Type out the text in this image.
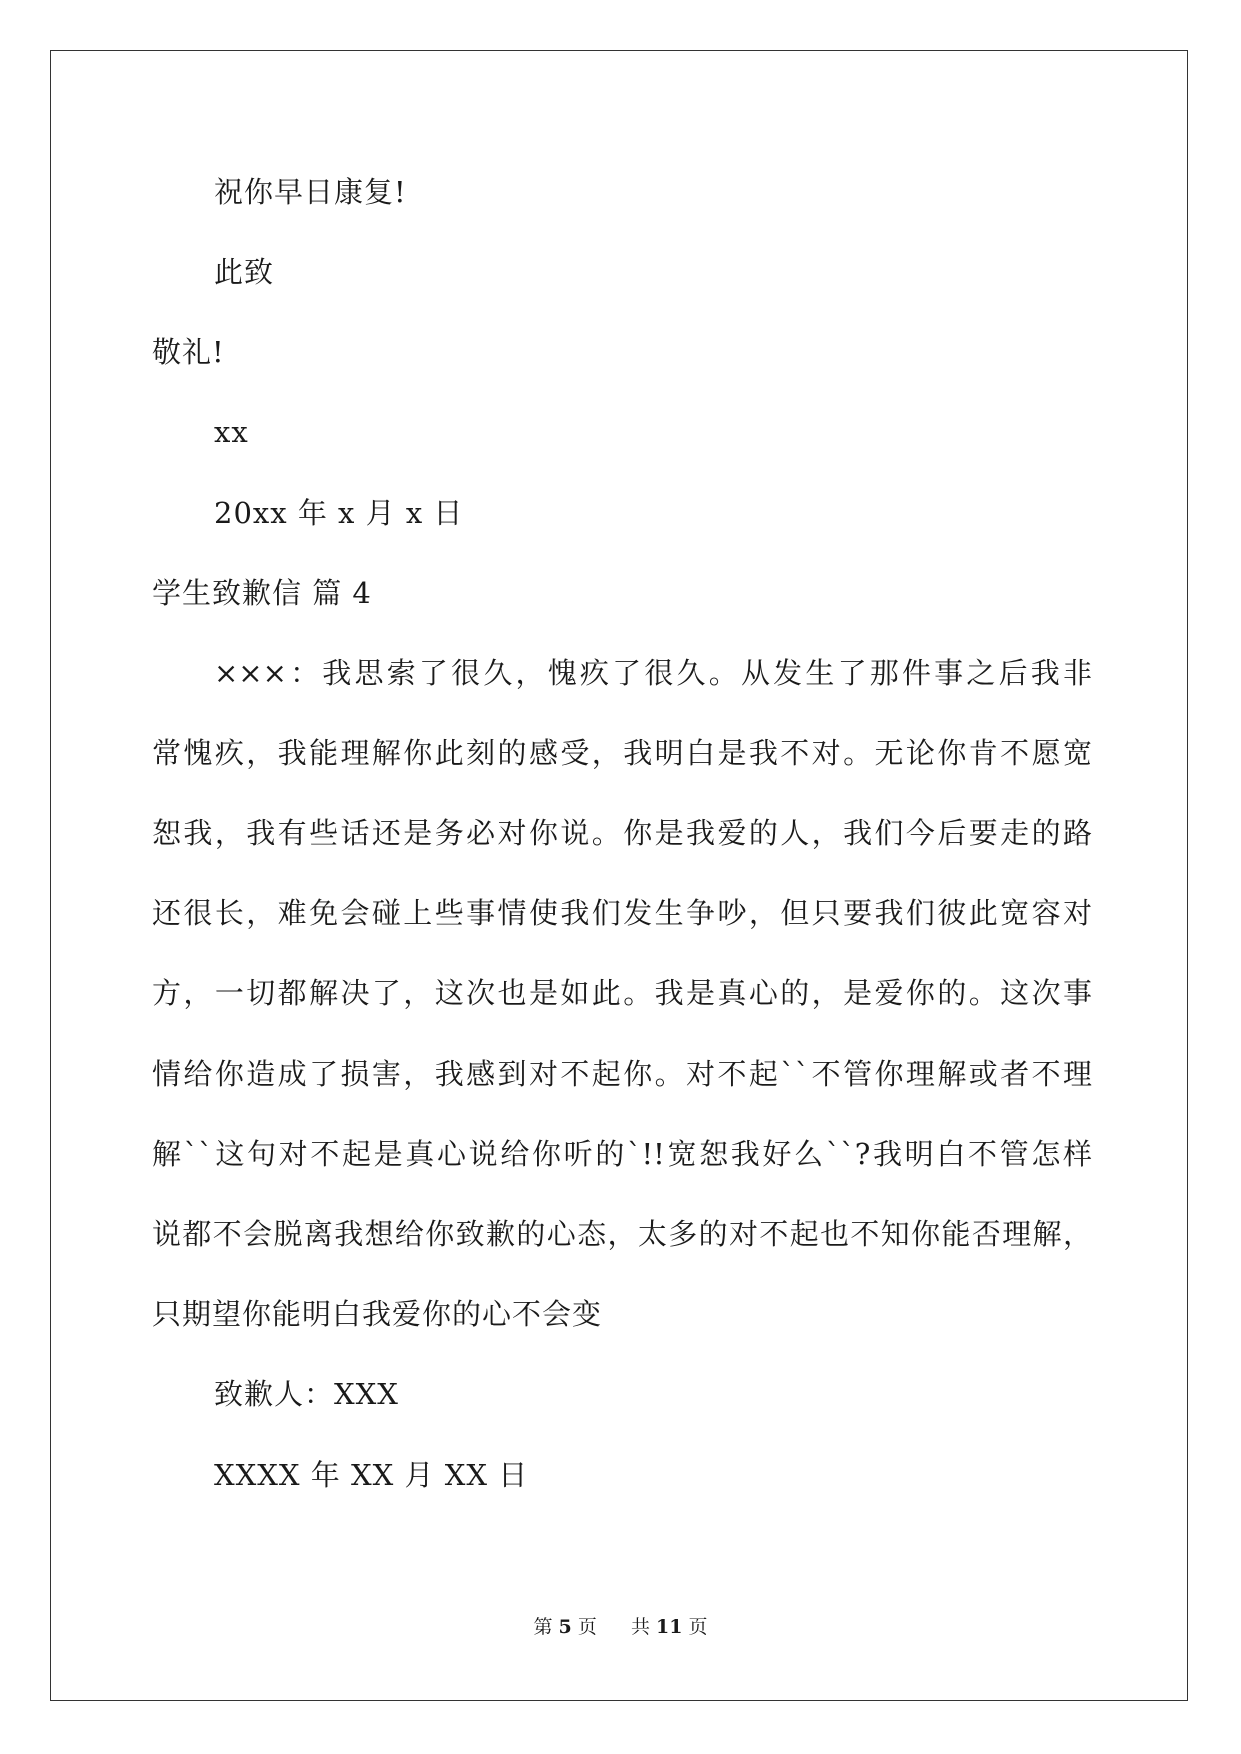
祝你早日康复!
此致
敬礼!
xx
20xx 年 x 月 x 日
学生致歉信 篇 4
×××：我思索了很久，愧疚了很久。从发生了那件事之后我非
常愧疚，我能理解你此刻的感受，我明白是我不对。无论你肯不愿宽
恕我，我有些话还是务必对你说。你是我爱的人，我们今后要走的路
还很长，难免会碰上些事情使我们发生争吵，但只要我们彼此宽容对
方，一切都解决了，这次也是如此。我是真心的，是爱你的。这次事
情给你造成了损害，我感到对不起你。对不起``不管你理解或者不理
解``这句对不起是真心说给你听的`!!宽恕我好么``?我明白不管怎样
说都不会脱离我想给你致歉的心态，太多的对不起也不知你能否理解，
只期望你能明白我爱你的心不会变
致歉人：XXX
XXXX 年 XX 月 XX 日
第 5 页 共 11 页
